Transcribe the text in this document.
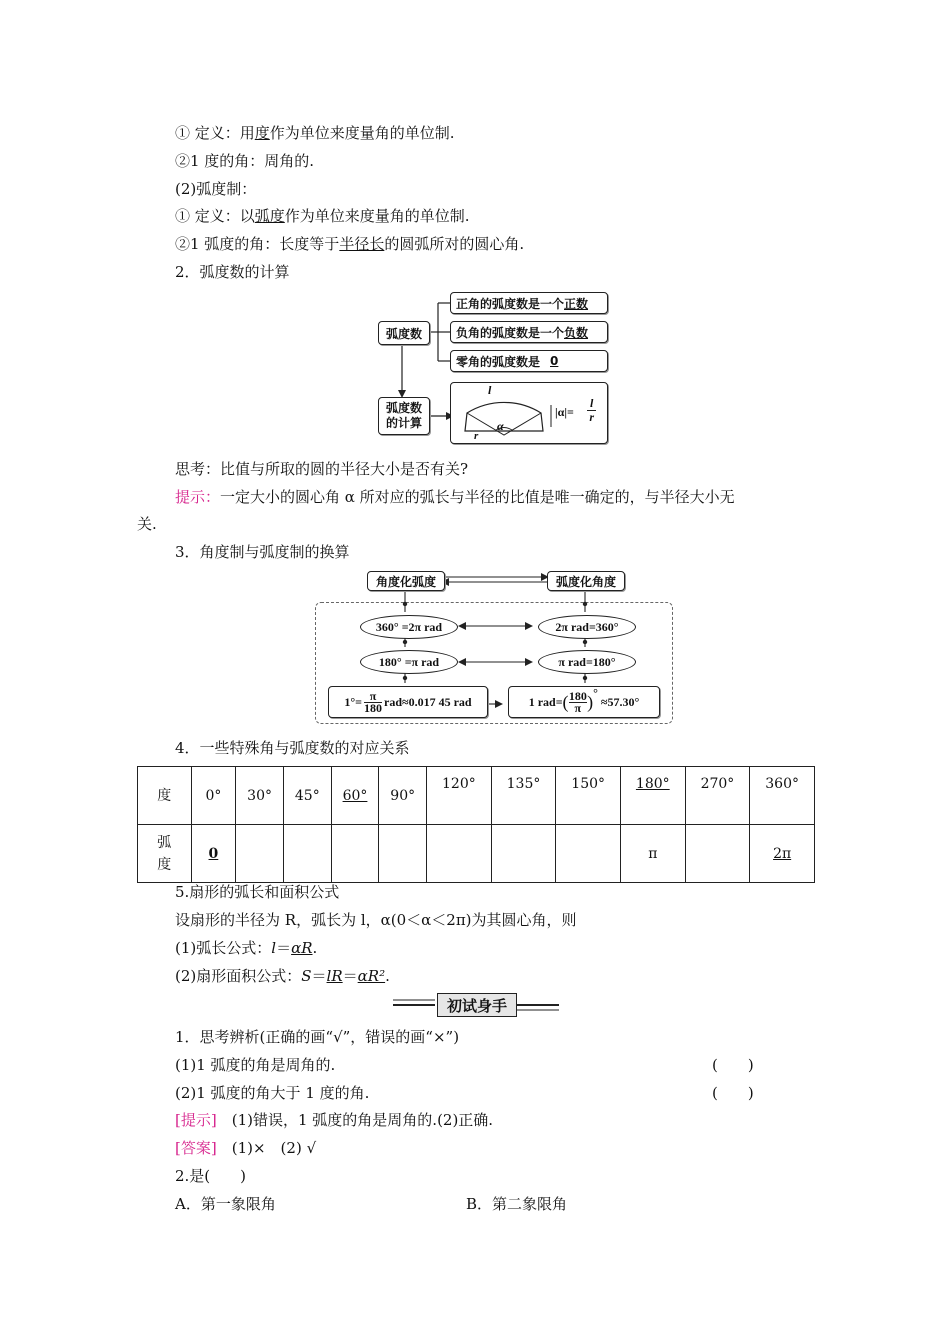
① 定义：用度作为单位来度量角的单位制.
②1 度的角：周角的.
(2)弧度制：
① 定义：以弧度作为单位来度量角的单位制.
②1 弧度的角：长度等于半径长的圆弧所对的圆心角.
2．弧度数的计算
弧度数
正角的弧度数是一个 正数
负角的弧度数是一个 负数
零角的弧度数是 0
弧度数
的计算
l
α
r
$|\alpha|= \frac{l}{r}$
思考：比值与所取的圆的半径大小是否有关?
提示：一定大小的圆心角 α 所对应的弧长与半径的比值是唯一确定的，与半径大小无
关.
3．角度制与弧度制的换算
角度化弧度	弧度化角度
360° =2π rad	2π rad=360°
180° =π rad	π rad=180°
$1^\circ= \frac{\pi}{180} rad\approx 0.017$ 45 rad	1 rad= ( 180
π ) °
≈57.30°
4．一些特殊角与弧度数的对应关系
度	0°	30°	45°	60°	90°	120°	135°	150°	180°	270°	360°
弧度	0								π		2π
5.扇形的弧长和面积公式
设扇形的半径为 R，弧长为 l，α(0＜α＜2π)为其圆心角，则
(1)弧长公式：l＝αR.
(2)扇形面积公式：S＝lR＝αR².
初试身手
1．思考辨析(正确的画“√”，错误的画“×”)
(1)1 弧度的角是周角的.	(　　)
(2)1 弧度的角大于 1 度的角.	(　　)
[提示]　 (1)错误，1 弧度的角是周角的.(2)正确.
[答案]　 (1)×　(2) √
2.是(　　)
A．第一象限角	B．第二象限角
